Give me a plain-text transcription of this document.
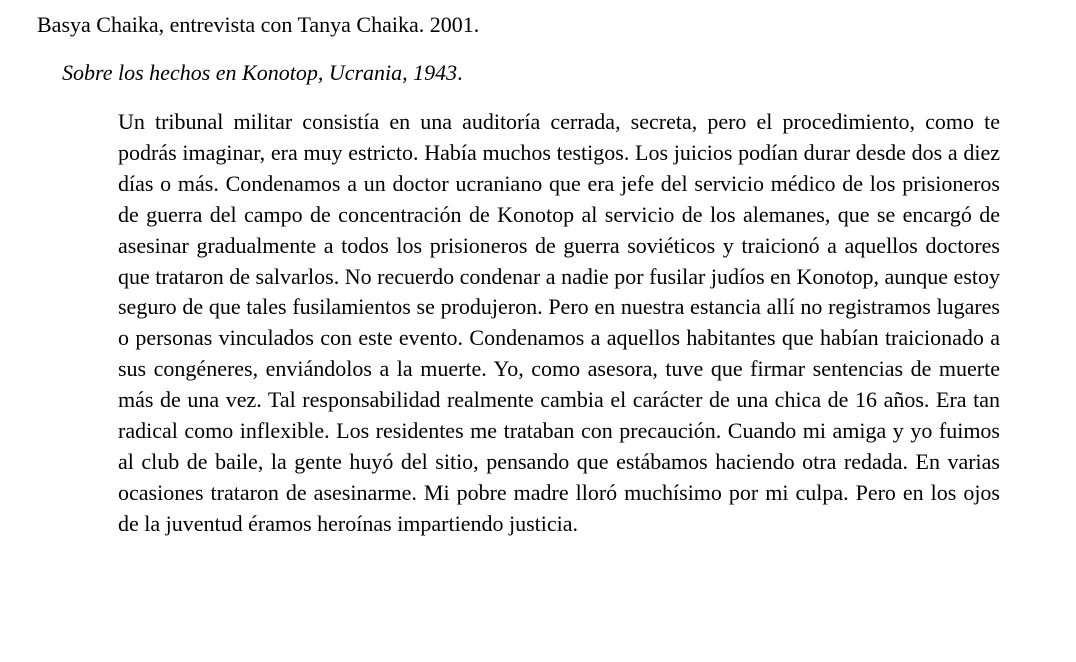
Basya Chaika, entrevista con Tanya Chaika. 2001.

Sobre los hechos en Konotop, Ucrania, 1943.

Un tribunal militar consistía en una auditoría cerrada, secreta, pero el procedimiento, como te podrás imaginar, era muy estricto. Había muchos testigos. Los juicios podían durar desde dos a diez días o más. Condenamos a un doctor ucraniano que era jefe del servicio médico de los prisioneros de guerra del campo de concentración de Konotop al servicio de los alemanes, que se encargó de asesinar gradualmente a todos los prisioneros de guerra soviéticos y traicionó a aquellos doctores que trataron de salvarlos. No recuerdo condenar a nadie por fusilar judíos en Konotop, aunque estoy seguro de que tales fusilamientos se produjeron. Pero en nuestra estancia allí no registramos lugares o personas vinculados con este evento. Condenamos a aquellos habitantes que habían traicionado a sus congéneres, enviándolos a la muerte. Yo, como asesora, tuve que firmar sentencias de muerte más de una vez. Tal responsabilidad realmente cambia el carácter de una chica de 16 años. Era tan radical como inflexible. Los residentes me trataban con precaución. Cuando mi amiga y yo fuimos al club de baile, la gente huyó del sitio, pensando que estábamos haciendo otra redada. En varias ocasiones trataron de asesinarme. Mi pobre madre lloró muchísimo por mi culpa. Pero en los ojos de la juventud éramos heroínas impartiendo justicia.
